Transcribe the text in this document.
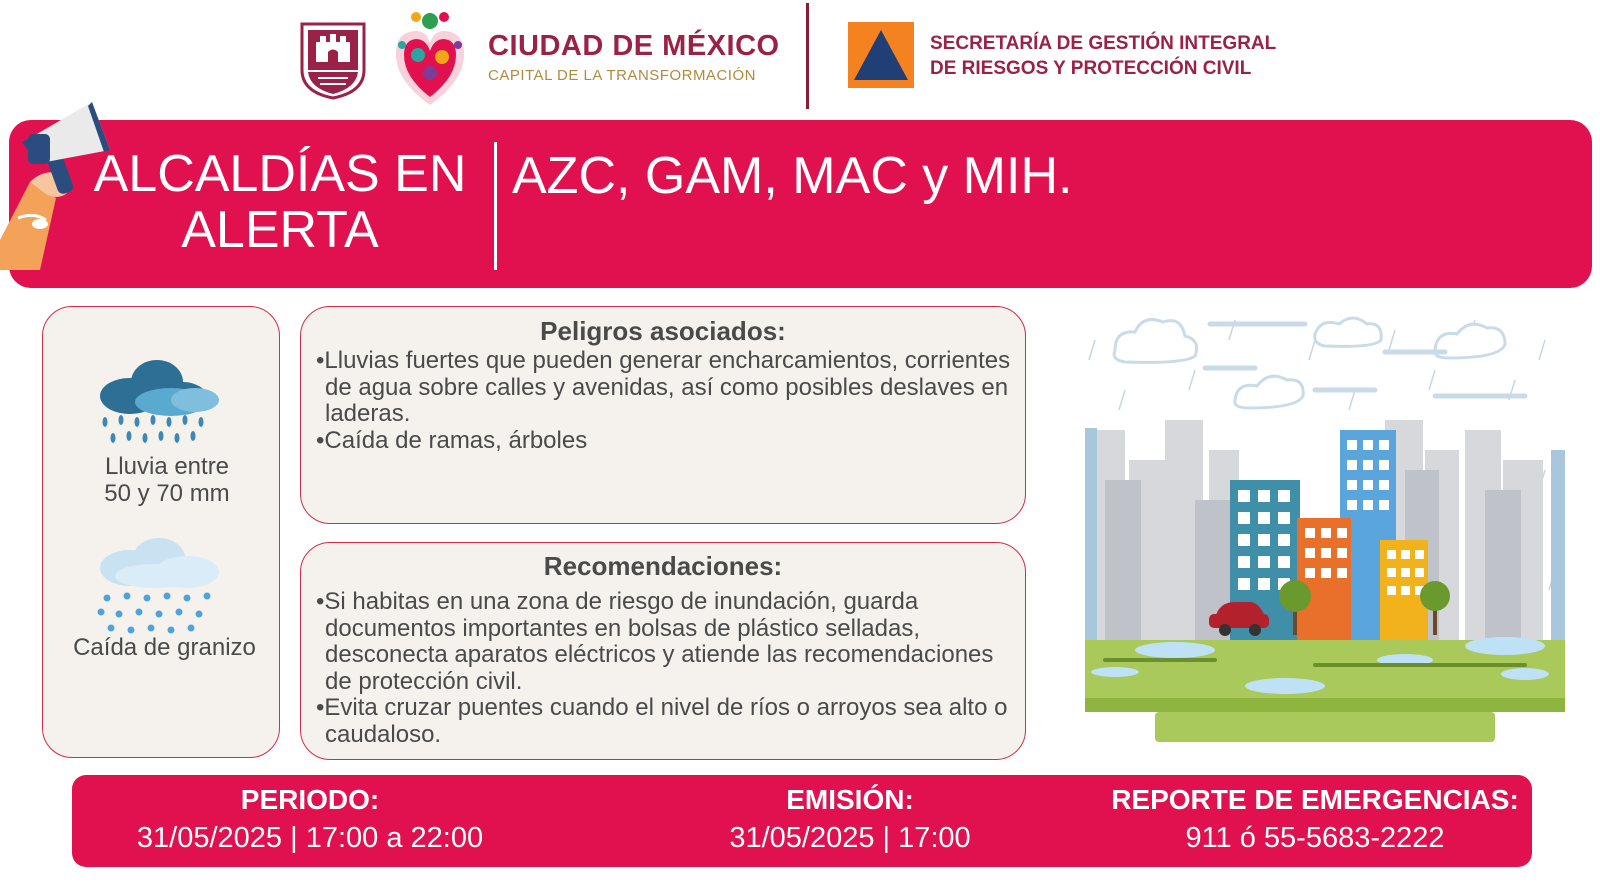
CIUDAD DE MÉXICO
CAPITAL DE LA TRANSFORMACIÓN
SECRETARÍA DE GESTIÓN INTEGRAL
DE RIESGOS Y PROTECCIÓN CIVIL
ALCALDÍAS EN
ALERTA
AZC, GAM, MAC y MIH.
Lluvia entre
50 y 70 mm
Caída de granizo
Peligros asociados:
•Lluvias fuertes que pueden generar encharcamientos, corrientes de agua sobre calles y avenidas, así como posibles deslaves en laderas.
•Caída de ramas, árboles
Recomendaciones:
•Si habitas en una zona de riesgo de inundación, guarda documentos importantes en bolsas de plástico selladas, desconecta aparatos eléctricos y atiende las recomendaciones de protección civil.
•Evita cruzar puentes cuando el nivel de ríos o arroyos sea alto o caudaloso.
PERIODO:
31/05/2025 | 17:00 a 22:00
EMISIÓN:
31/05/2025 | 17:00
REPORTE DE EMERGENCIAS:
911 ó 55-5683-2222
